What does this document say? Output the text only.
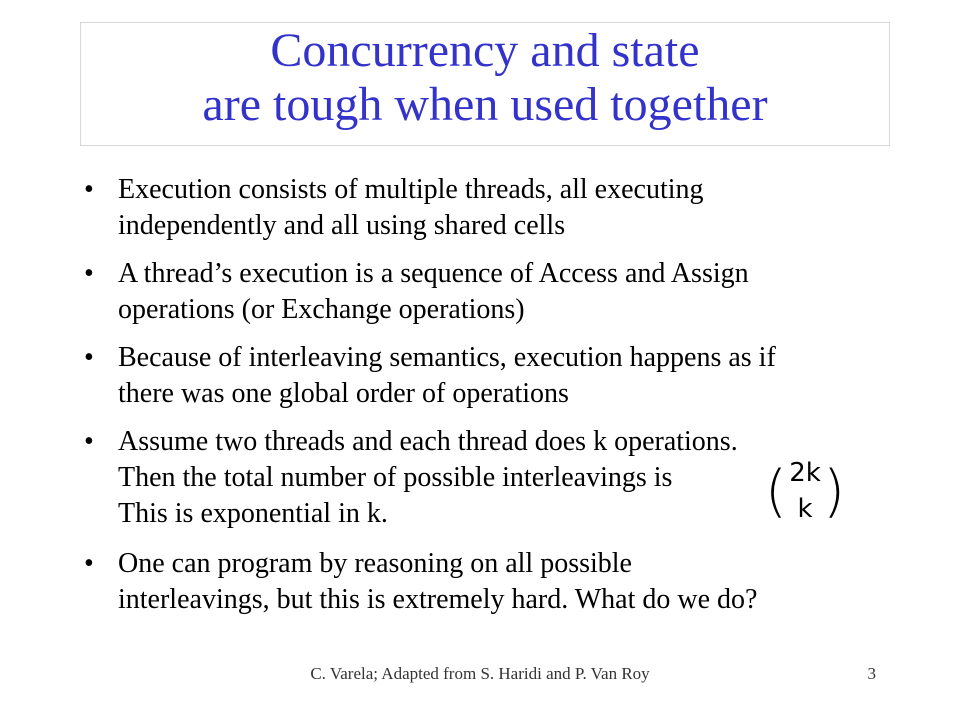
Concurrency and state
are tough when used together
• Execution consists of multiple threads, all executing
independently and all using shared cells
• A thread’s execution is a sequence of Access and Assign
operations (or Exchange operations)
• Because of interleaving semantics, execution happens as if
there was one global order of operations
• Assume two threads and each thread does k operations.
Then the total number of possible interleavings is
This is exponential in k.
• One can program by reasoning on all possible
interleavings, but this is extremely hard. What do we do?
( 2k
k )
C. Varela; Adapted from S. Haridi and P. Van Roy	3
